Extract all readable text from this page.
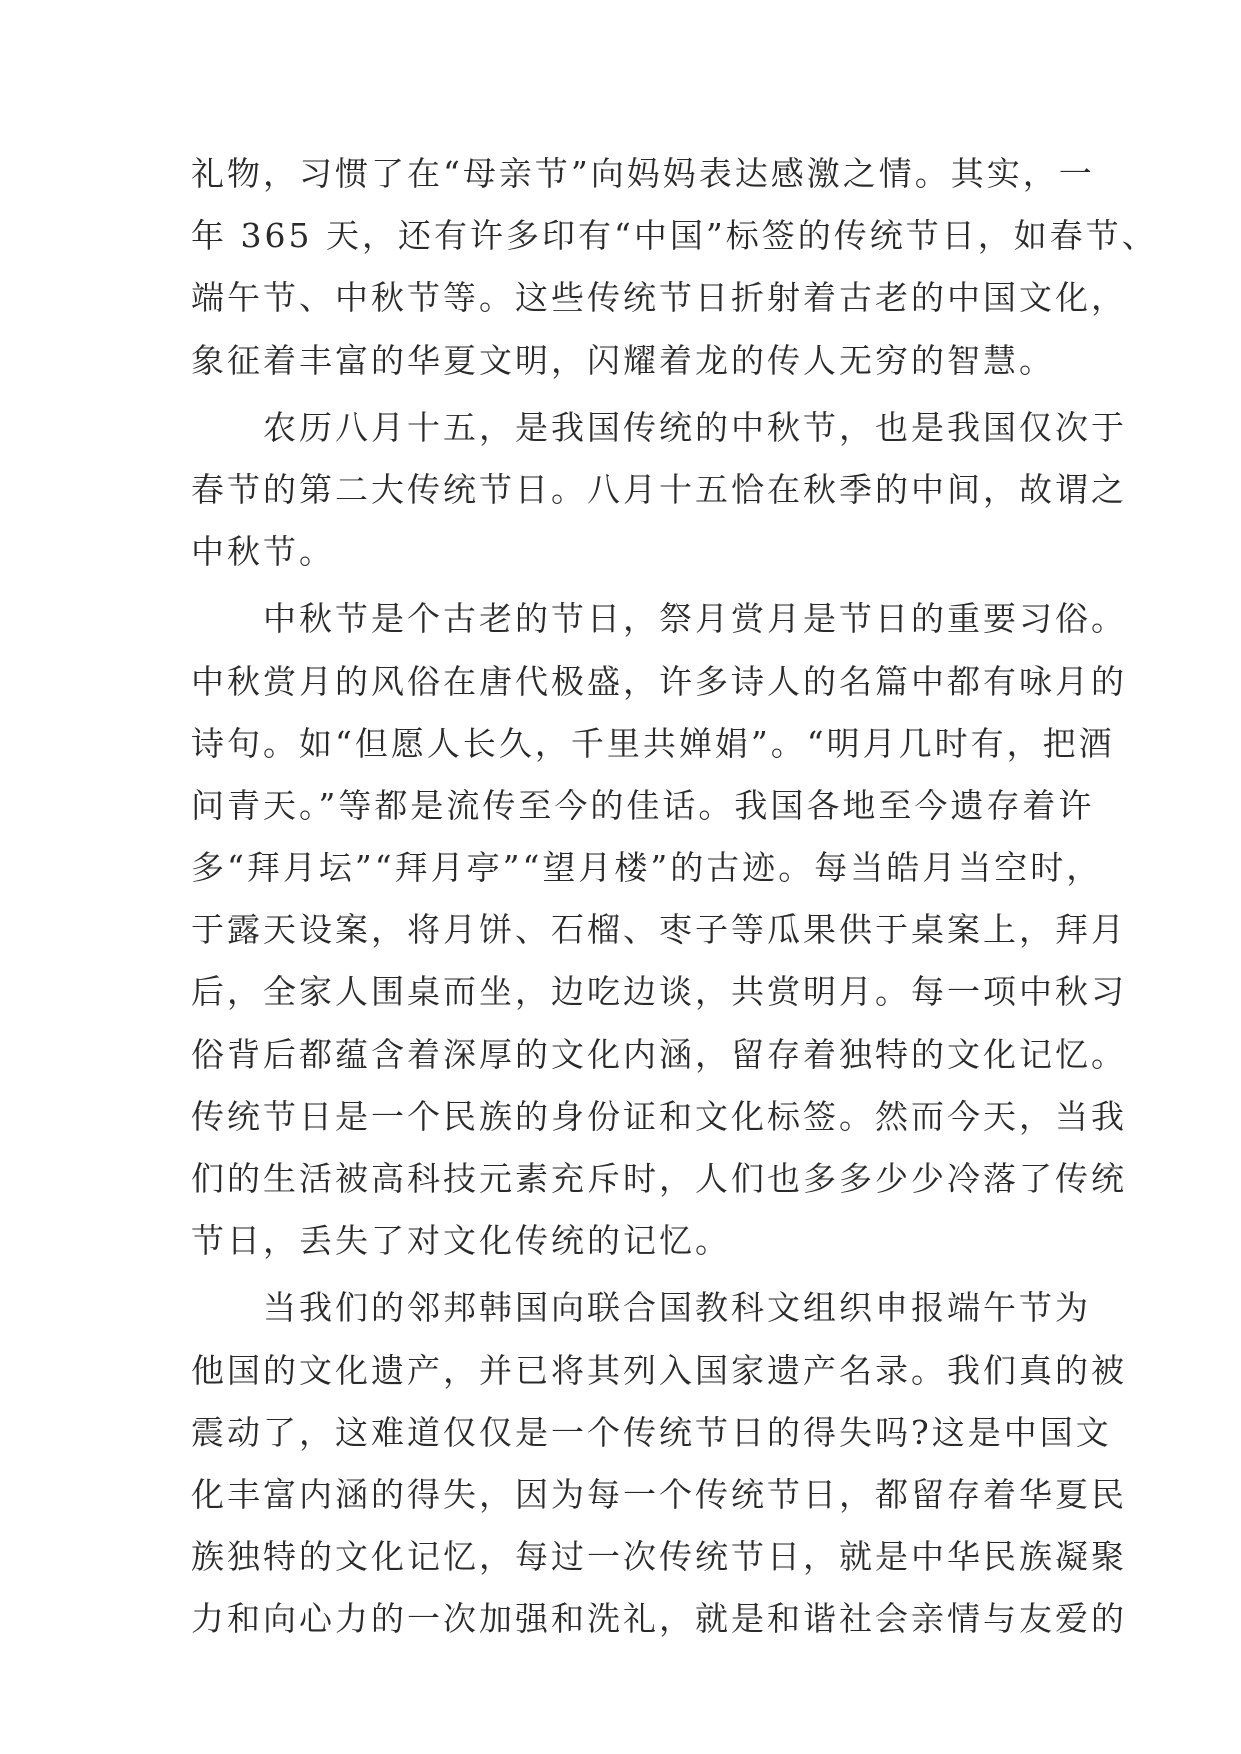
礼物，习惯了在“母亲节”向妈妈表达感激之情。其实，一
年 365 天，还有许多印有“中国”标签的传统节日，如春节、
端午节、中秋节等。这些传统节日折射着古老的中国文化，
象征着丰富的华夏文明，闪耀着龙的传人无穷的智慧。
　　农历八月十五，是我国传统的中秋节，也是我国仅次于
春节的第二大传统节日。八月十五恰在秋季的中间，故谓之
中秋节。
　　中秋节是个古老的节日，祭月赏月是节日的重要习俗。
中秋赏月的风俗在唐代极盛，许多诗人的名篇中都有咏月的
诗句。如“但愿人长久，千里共婵娟”。“明月几时有，把酒
问青天。”等都是流传至今的佳话。我国各地至今遗存着许
多“拜月坛”“拜月亭”“望月楼”的古迹。每当皓月当空时，
于露天设案，将月饼、石榴、枣子等瓜果供于桌案上，拜月
后，全家人围桌而坐，边吃边谈，共赏明月。每一项中秋习
俗背后都蕴含着深厚的文化内涵，留存着独特的文化记忆。
传统节日是一个民族的身份证和文化标签。然而今天，当我
们的生活被高科技元素充斥时，人们也多多少少冷落了传统
节日，丢失了对文化传统的记忆。
　　当我们的邻邦韩国向联合国教科文组织申报端午节为
他国的文化遗产，并已将其列入国家遗产名录。我们真的被
震动了，这难道仅仅是一个传统节日的得失吗?这是中国文
化丰富内涵的得失，因为每一个传统节日，都留存着华夏民
族独特的文化记忆，每过一次传统节日，就是中华民族凝聚
力和向心力的一次加强和洗礼，就是和谐社会亲情与友爱的
